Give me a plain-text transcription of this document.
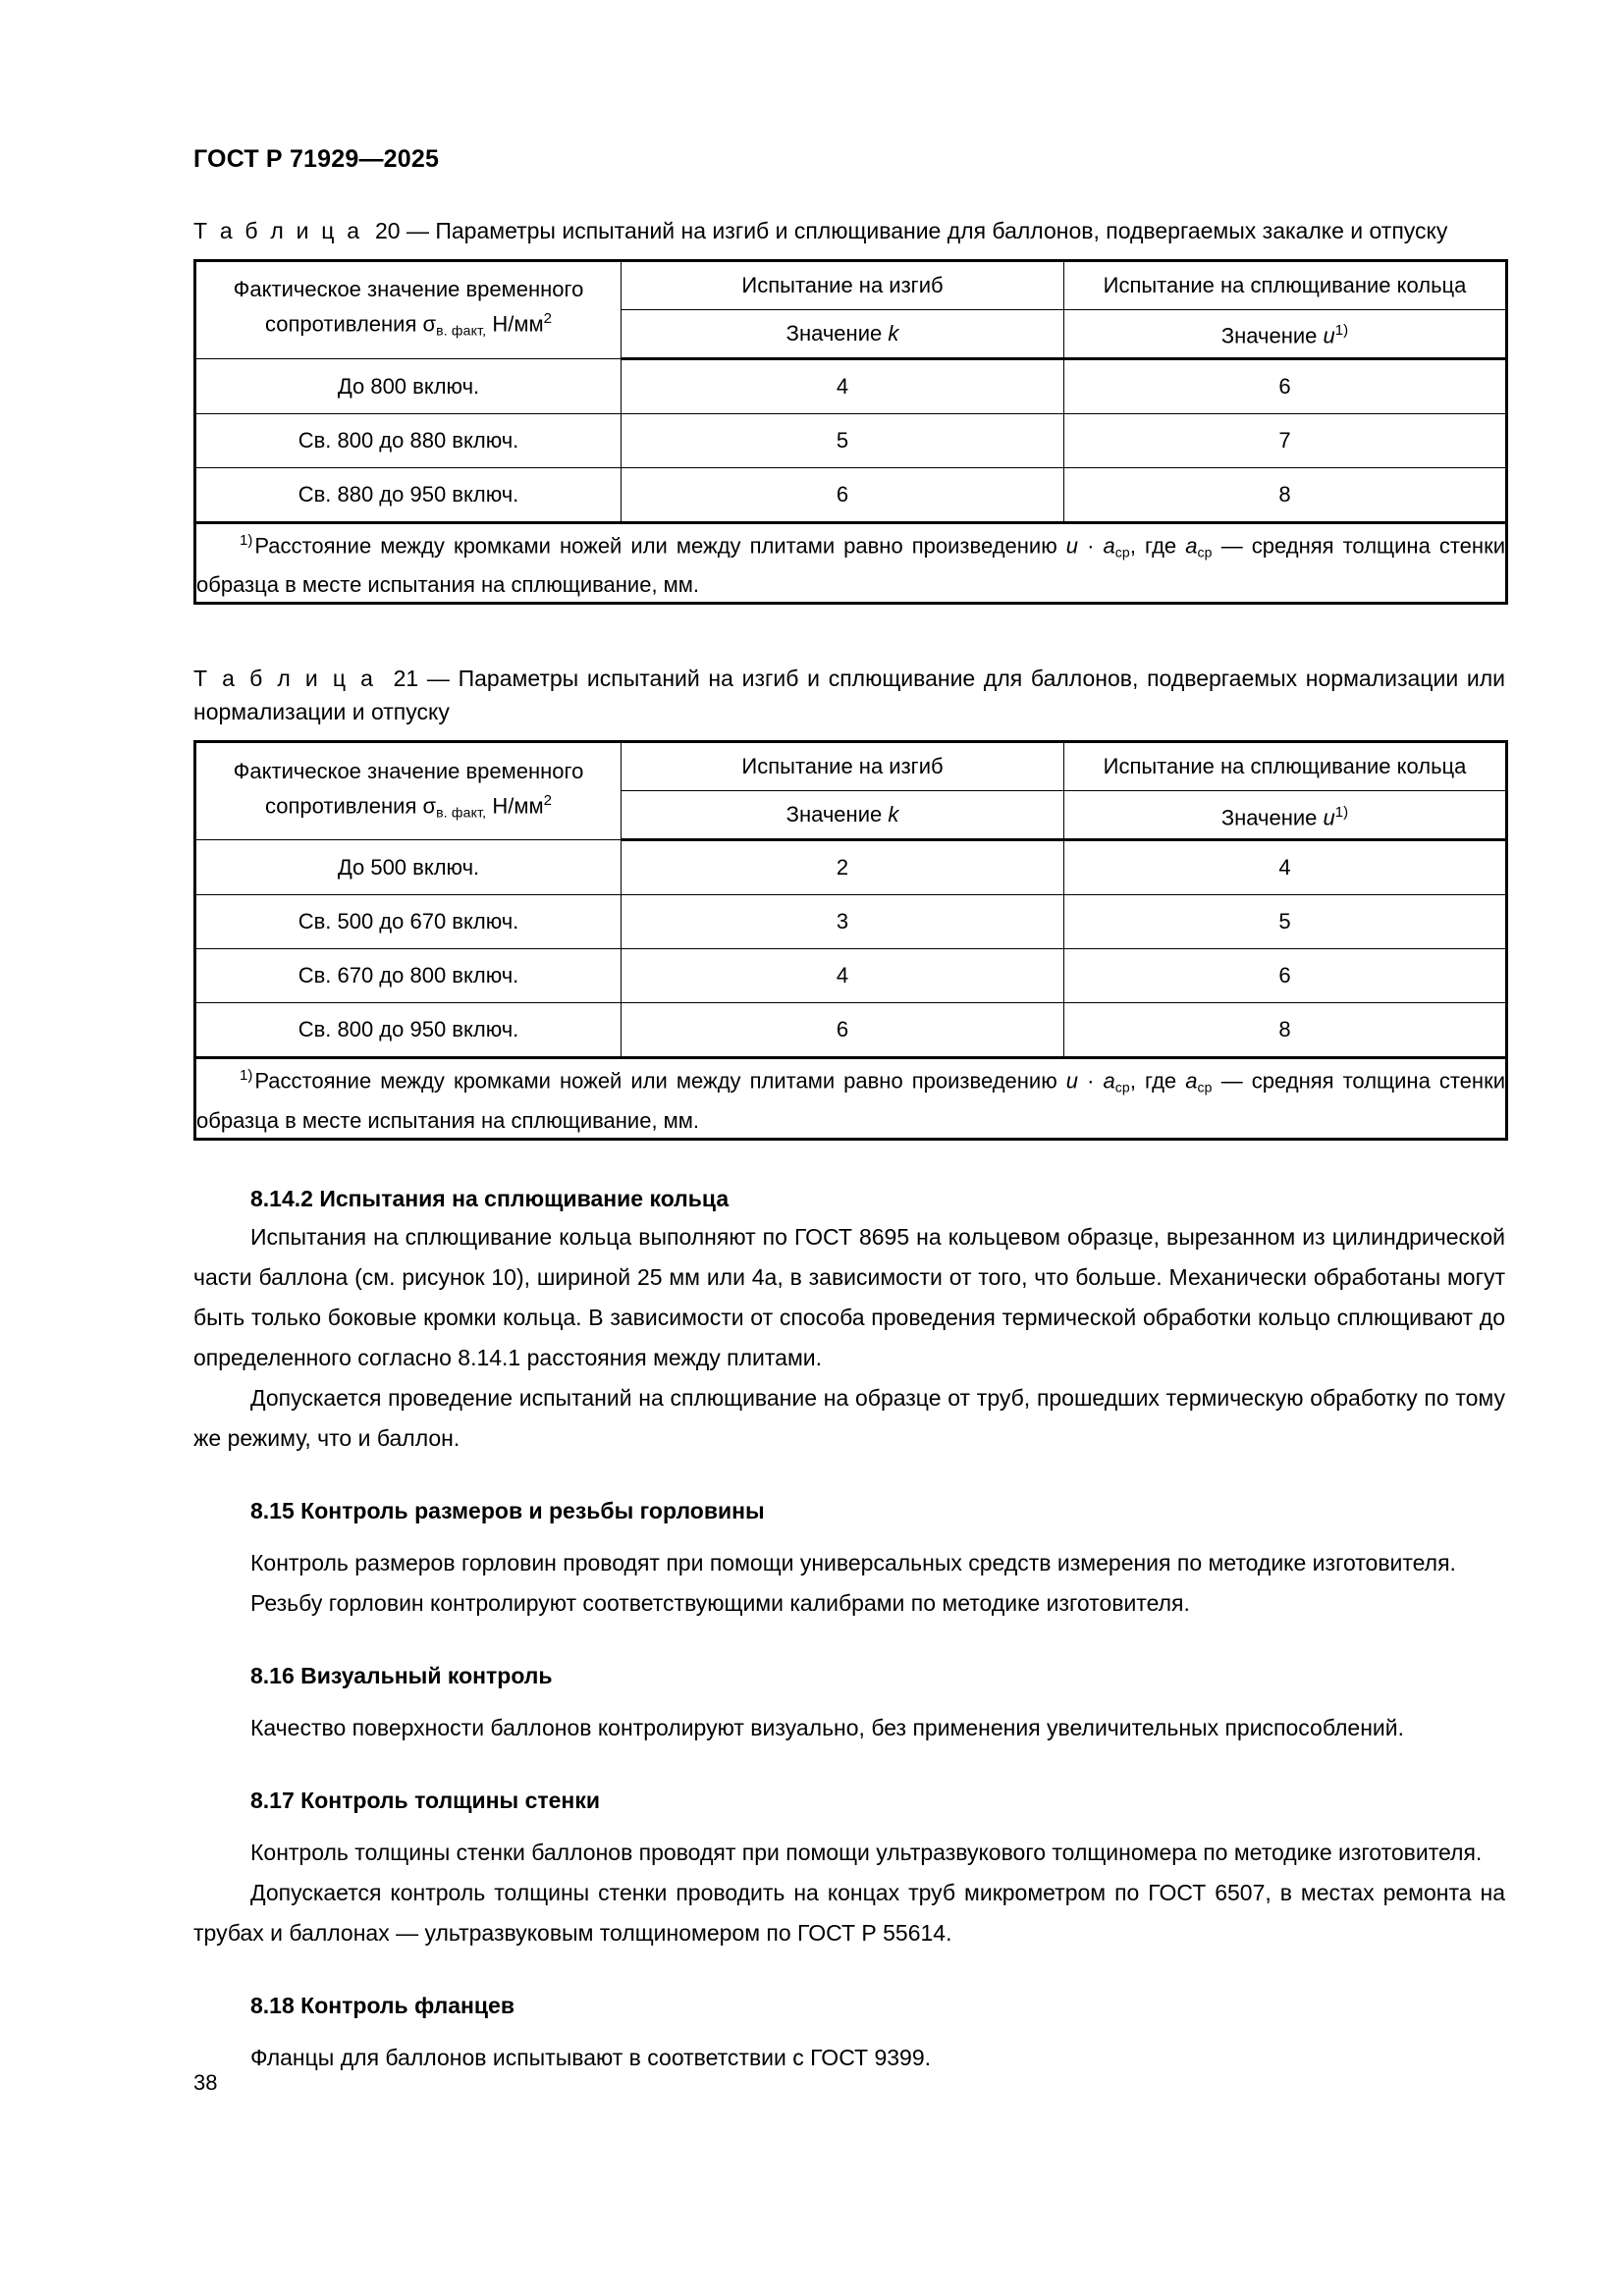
ГОСТ Р 71929—2025
Т а б л и ц а 20 — Параметры испытаний на изгиб и сплющивание для баллонов, подвергаемых закалке и отпуску
Фактическое значение временного
сопротивления $\sigma_{в. факт,}$ $Н/мм^2$	Испытание на изгиб	Испытание на сплющивание кольца
	Значение k	Значение $u^{1)}$
До 800 включ.	4	6
Св. 800 до 880 включ.	5	7
Св. 880 до 950 включ.	6	8
$^{1)}$Расстояние между кромками ножей или между плитами равно произведению $u \cdot a_{ср}$, где $a_{ср}$ — средняя толщина стенки образца в месте испытания на сплющивание, мм.		
Т а б л и ц а 21 — Параметры испытаний на изгиб и сплющивание для баллонов, подвергаемых нормализации или нормализации и отпуску
Фактическое значение временного
сопротивления $\sigma_{в. факт,}$ $Н/мм^2$	Испытание на изгиб	Испытание на сплющивание кольца
	Значение k	Значение $u^{1)}$
До 500 включ.	2	4
Св. 500 до 670 включ.	3	5
Св. 670 до 800 включ.	4	6
Св. 800 до 950 включ.	6	8
$^{1)}$Расстояние между кромками ножей или между плитами равно произведению $u \cdot a_{ср}$, где $a_{ср}$ — средняя толщина стенки образца в месте испытания на сплющивание, мм.		
8.14.2 Испытания на сплющивание кольца

Испытания на сплющивание кольца выполняют по ГОСТ 8695 на кольцевом образце, вырезанном из цилиндрической части баллона (см. рисунок 10), шириной 25 мм или 4а, в зависимости от того, что больше. Механически обработаны могут быть только боковые кромки кольца. В зависимости от способа проведения термической обработки кольцо сплющивают до определенного согласно 8.14.1 расстояния между плитами.

Допускается проведение испытаний на сплющивание на образце от труб, прошедших термическую обработку по тому же режиму, что и баллон.

8.15 Контроль размеров и резьбы горловины

Контроль размеров горловин проводят при помощи универсальных средств измерения по методике изготовителя.

Резьбу горловин контролируют соответствующими калибрами по методике изготовителя.

8.16 Визуальный контроль

Качество поверхности баллонов контролируют визуально, без применения увеличительных приспособлений.

8.17 Контроль толщины стенки

Контроль толщины стенки баллонов проводят при помощи ультразвукового толщиномера по методике изготовителя.

Допускается контроль толщины стенки проводить на концах труб микрометром по ГОСТ 6507, в местах ремонта на трубах и баллонах — ультразвуковым толщиномером по ГОСТ Р 55614.

8.18 Контроль фланцев

Фланцы для баллонов испытывают в соответствии с ГОСТ 9399.

38
